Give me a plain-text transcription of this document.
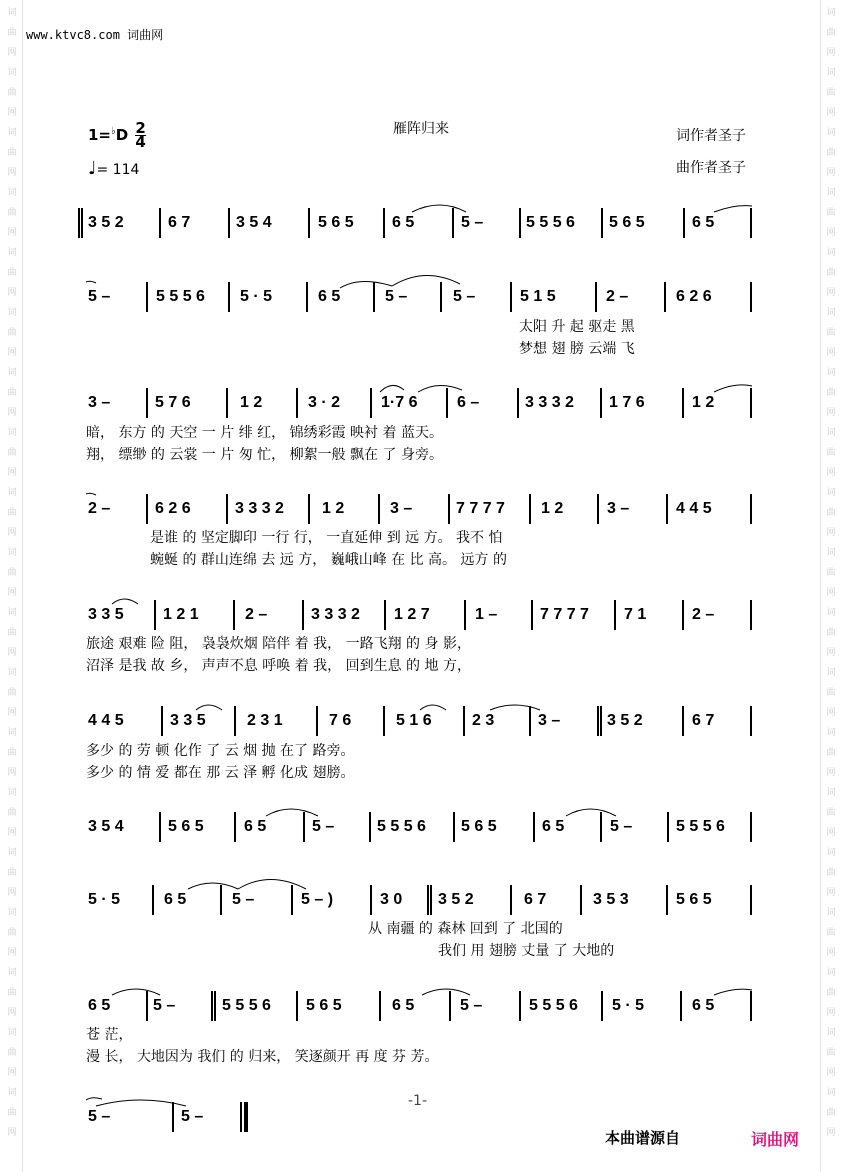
词
曲
网
词
曲
网
词
曲
网
词
曲
网
词
曲
网
词
曲
网
词
曲
网
词
曲
网
词
曲
网
词
曲
网
词
曲
网
词
曲
网
词
曲
网
词
曲
网
词
曲
网
词
曲
网
词
曲
网
词
曲
网
词
曲
网
词
曲
网
词
曲
网
词
曲
网
词
曲
网
词
曲
网
词
曲
网
词
曲
网
词
曲
网
词
曲
网
词
曲
网
词
曲
网
词
曲
网
词
曲
网
词
曲
网
词
曲
网
词
曲
网
词
曲
网
词
曲
网
词
曲
网
www.ktvc8.com 词曲网
雁阵归来
$1=^♭D \frac{2}{4}$
♩= 114
词作者圣子
曲作者圣子
3 5 2	6 7	3 5 4	5 6 5 6 5	5 –	5 5 5 6 5 6 5	6 5
5 –	5 5 5 6 5 · 5	6 5	5 –	5 –	5 1 5	2 –	6 2 6
太阳 升 起 驱走 黑
梦想 翅 膀 云端 飞
3 –	5 7 6	1 2	3 · 2	1·7 6 6 –	3 3 3 2 1 7 6	1 2
暗， 东方 的 天空 一 片 绯 红， 锦绣彩霞 映衬 着 蓝天。
翔， 缥缈 的 云裳 一 片 匆 忙， 柳絮一般 飘在 了 身旁。
2 –	6 2 6	3 3 3 2 1 2	3 –	7 7 7 7 1 2	3 –	4 4 5
是谁 的 坚定脚印 一行 行， 一直延伸 到 远 方。 我不 怕
蜿蜒 的 群山连绵 去 远 方， 巍峨山峰 在 比 高。 远方 的
3 3 5 1 2 1	2 –	3 3 3 2 1 2 7	1 –	7 7 7 7 7 1	2 –
旅途 艰难 险 阻， 袅袅炊烟 陪伴 着 我， 一路飞翔 的 身 影，
沼泽 是我 故 乡， 声声不息 呼唤 着 我， 回到生息 的 地 方，
4 4 5	3 3 5	2 3 1	7 6	5 1 6	2 3	3 –	3 5 2	6 7
多少 的 劳 顿 化作 了 云 烟 抛 在了 路旁。
多少 的 情 爱 都在 那 云 泽 孵 化成 翅膀。
3 5 4	5 6 5	6 5	5 –	5 5 5 6 5 6 5	6 5	5 –	5 5 5 6
5 · 5	6 5	5 –	5 – )	3 0 3 5 2	6 7	3 5 3	5 6 5
从 南疆 的 森林 回到 了 北国的
我们 用 翅膀 丈量 了 大地的
6 5	5 –	5 5 5 6 5 6 5	6 5	5 –	5 5 5 6 5 · 5	6 5
苍 茫，
漫 长， 大地因为 我们 的 归来， 笑逐颜开 再 度 芬 芳。
5 –	5 –
-1-
本曲谱源自	词曲网
